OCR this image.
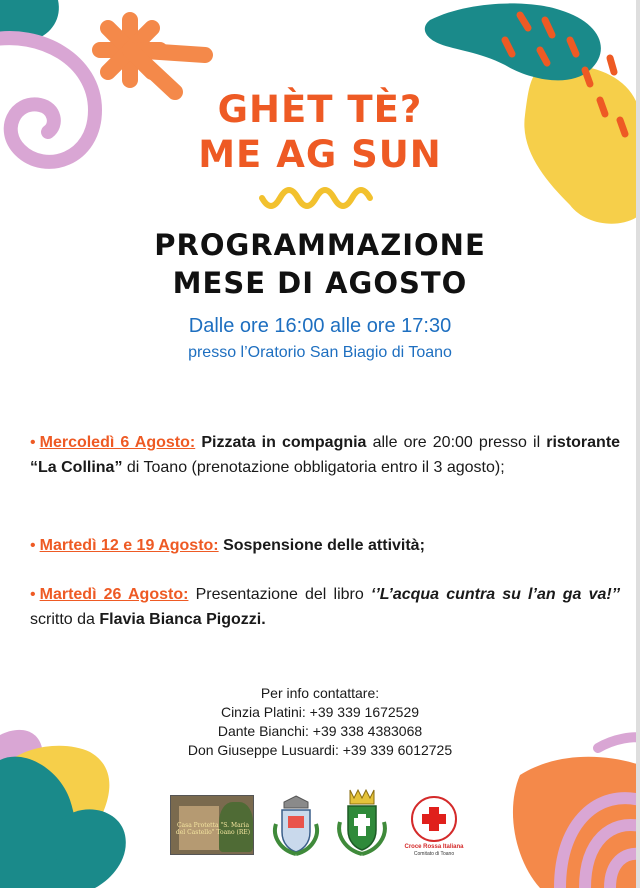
GHÈT TÈ?
ME AG SUN
PROGRAMMAZIONE
MESE DI AGOSTO
Dalle ore 16:00 alle ore 17:30
presso l’Oratorio San Biagio di Toano

• Mercoledì 6 Agosto: Pizzata in compagnia alle ore 20:00 presso il ristorante “La Collina” di Toano (prenotazione obbligatoria entro il 3 agosto);

• Martedì 12 e 19 Agosto: Sospensione delle attività;

• Martedì 26 Agosto: Presentazione del libro ‘’L’acqua cuntra su l’an ga va!’’ scritto da Flavia Bianca Pigozzi.

Per info contattare:
Cinzia Platini: +39 339 1672529
Dante Bianchi: +39 338 4383068
Don Giuseppe Lusuardi: +39 339 6012725
Casa Protetta "S. Maria del Castello" Toano (RE)
Croce Rossa Italiana
Comitato di Toano
